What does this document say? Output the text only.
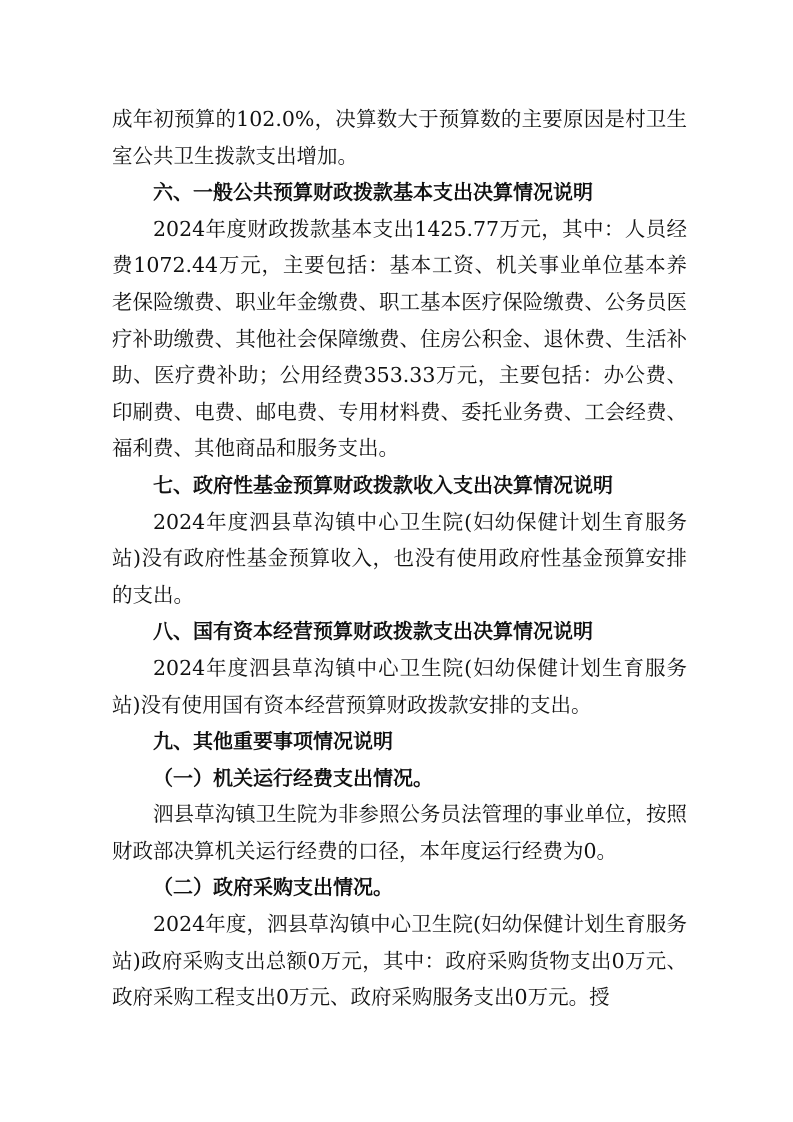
成年初预算的102.0%，决算数大于预算数的主要原因是村卫生室公共卫生拨款支出增加。

六、一般公共预算财政拨款基本支出决算情况说明

2024年度财政拨款基本支出1425.77万元，其中：人员经费1072.44万元，主要包括：基本工资、机关事业单位基本养老保险缴费、职业年金缴费、职工基本医疗保险缴费、公务员医疗补助缴费、其他社会保障缴费、住房公积金、退休费、生活补助、医疗费补助；公用经费353.33万元，主要包括：办公费、印刷费、电费、邮电费、专用材料费、委托业务费、工会经费、福利费、其他商品和服务支出。

七、政府性基金预算财政拨款收入支出决算情况说明

2024年度泗县草沟镇中心卫生院(妇幼保健计划生育服务站)没有政府性基金预算收入，也没有使用政府性基金预算安排的支出。

八、国有资本经营预算财政拨款支出决算情况说明

2024年度泗县草沟镇中心卫生院(妇幼保健计划生育服务站)没有使用国有资本经营预算财政拨款安排的支出。

九、其他重要事项情况说明

（一）机关运行经费支出情况。

泗县草沟镇卫生院为非参照公务员法管理的事业单位，按照财政部决算机关运行经费的口径，本年度运行经费为0。

（二）政府采购支出情况。

2024年度，泗县草沟镇中心卫生院(妇幼保健计划生育服务站)政府采购支出总额0万元，其中：政府采购货物支出0万元、政府采购工程支出0万元、政府采购服务支出0万元。授
